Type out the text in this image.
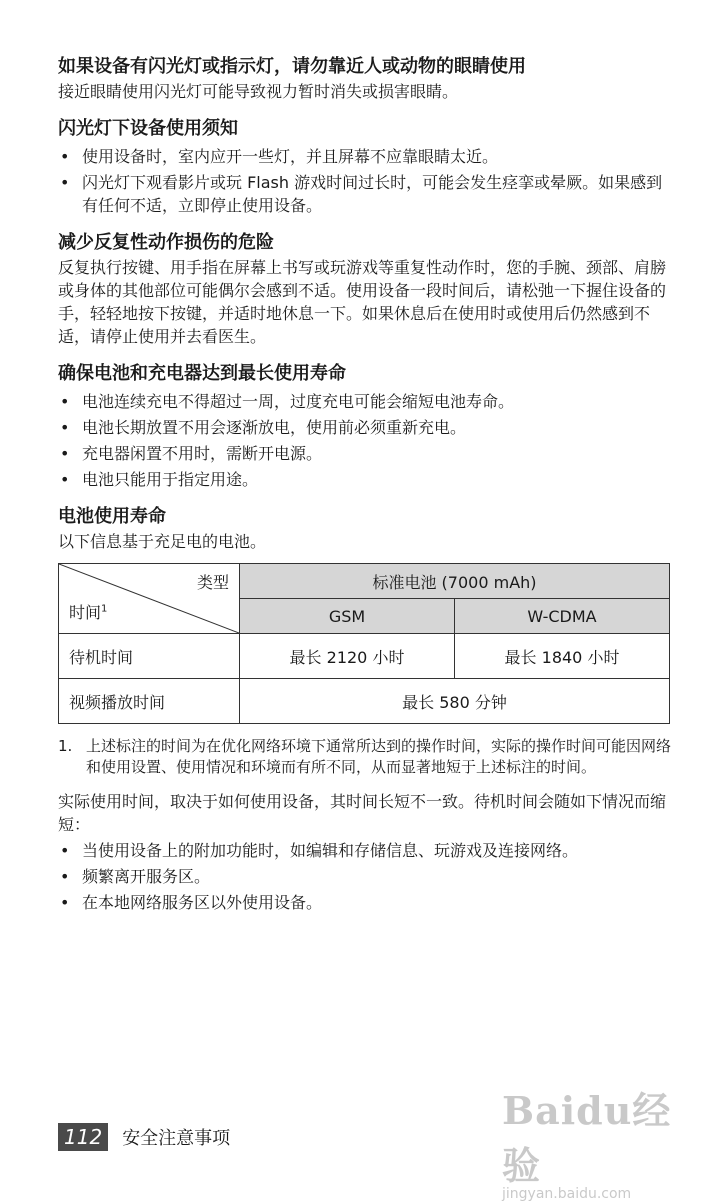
如果设备有闪光灯或指示灯，请勿靠近人或动物的眼睛使用

接近眼睛使用闪光灯可能导致视力暂时消失或损害眼睛。

闪光灯下设备使用须知
• 使用设备时，室内应开一些灯，并且屏幕不应靠眼睛太近。
• 闪光灯下观看影片或玩 Flash 游戏时间过长时，可能会发生痉挛或晕厥。如果感到有任何不适，立即停止使用设备。
减少反复性动作损伤的危险

反复执行按键、用手指在屏幕上书写或玩游戏等重复性动作时，您的手腕、颈部、肩膀或身体的其他部位可能偶尔会感到不适。使用设备一段时间后，请松弛一下握住设备的手，轻轻地按下按键，并适时地休息一下。如果休息后在使用时或使用后仍然感到不适，请停止使用并去看医生。

确保电池和充电器达到最长使用寿命
• 电池连续充电不得超过一周，过度充电可能会缩短电池寿命。
• 电池长期放置不用会逐渐放电，使用前必须重新充电。
• 充电器闲置不用时，需断开电源。
• 电池只能用于指定用途。
电池使用寿命

以下信息基于充足电的电池。

类型
时间$^1$	标准电池 (7000 mAh)	
	GSM	W-CDMA
待机时间	最长 2120 小时	最长 1840 小时
视频播放时间	最长 580 分钟	
1. 上述标注的时间为在优化网络环境下通常所达到的操作时间，实际的操作时间可能因网络和使用设置、使用情况和环境而有所不同，从而显著地短于上述标注的时间。

实际使用时间，取决于如何使用设备，其时间长短不一致。待机时间会随如下情况而缩短：

• 当使用设备上的附加功能时，如编辑和存储信息、玩游戏及连接网络。
• 频繁离开服务区。
• 在本地网络服务区以外使用设备。
Baidu经验
jingyan.baidu.com
112	安全注意事项
